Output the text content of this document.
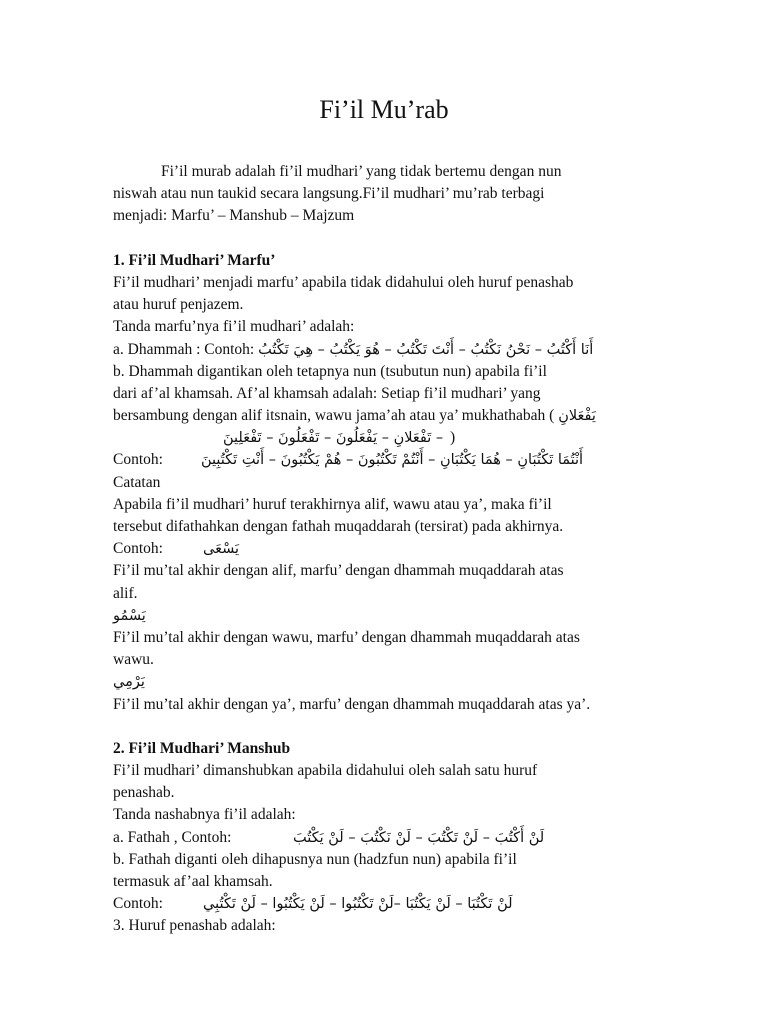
Fi’il Mu’rab
Fi’il murab adalah fi’il mudhari’ yang tidak bertemu dengan nun
niswah atau nun taukid secara langsung.Fi’il mudhari’ mu’rab terbagi
menjadi: Marfu’ – Manshub – Majzum
1. Fi’il Mudhari’ Marfu’
Fi’il mudhari’ menjadi marfu’ apabila tidak didahului oleh huruf penashab
atau huruf penjazem.
Tanda marfu’nya fi’il mudhari’ adalah:
a. Dhammah : Contoh: أَنَا أَكْتُبُ – نَحْنُ نَكْتُبُ – أَنْتَ تَكْتُبُ – هُوَ يَكْتُبُ – هِيَ تَكْتُبُ
b. Dhammah digantikan oleh tetapnya nun (tsubutun nun) apabila fi’il
dari af’al khamsah. Af’al khamsah adalah: Setiap fi’il mudhari’ yang
bersambung dengan alif itsnain, wawu jama’ah atau ya’ mukhathabah ( يَفْعَلانِ
– تَفْعَلانِ – يَفْعَلُونَ – تَفْعَلُونَ – تَفْعَلِينَ )
Contoh:	أَنْتُمَا تَكْتُبَانِ – هُمَا يَكْتُبَانِ – أَنْتُمْ تَكْتُبُونَ – هُمْ يَكْتُبُونَ – أَنْتِ تَكْتُبِينَ
Catatan
Apabila fi’il mudhari’ huruf terakhirnya alif, wawu atau ya’, maka fi’il
tersebut difathahkan dengan fathah muqaddarah (tersirat) pada akhirnya.
Contoh:	يَسْعَى
Fi’il mu’tal akhir dengan alif, marfu’ dengan dhammah muqaddarah atas
alif.
يَسْمُو
Fi’il mu’tal akhir dengan wawu, marfu’ dengan dhammah muqaddarah atas
wawu.
يَرْمِي
Fi’il mu’tal akhir dengan ya’, marfu’ dengan dhammah muqaddarah atas ya’.
2. Fi’il Mudhari’ Manshub
Fi’il mudhari’ dimanshubkan apabila didahului oleh salah satu huruf
penashab.
Tanda nashabnya fi’il adalah:
a. Fathah , Contoh:	لَنْ أَكْتُبَ – لَنْ تَكْتُبَ – لَنْ نَكْتُبَ – لَنْ يَكْتُبَ
b. Fathah diganti oleh dihapusnya nun (hadzfun nun) apabila fi’il
termasuk af’aal khamsah.
Contoh:	لَنْ تَكْتُبَا – لَنْ يَكْتُبَا –لَنْ تَكْتُبُوا – لَنْ يَكْتُبُوا – لَنْ تَكْتُبِي
3. Huruf penashab adalah:
